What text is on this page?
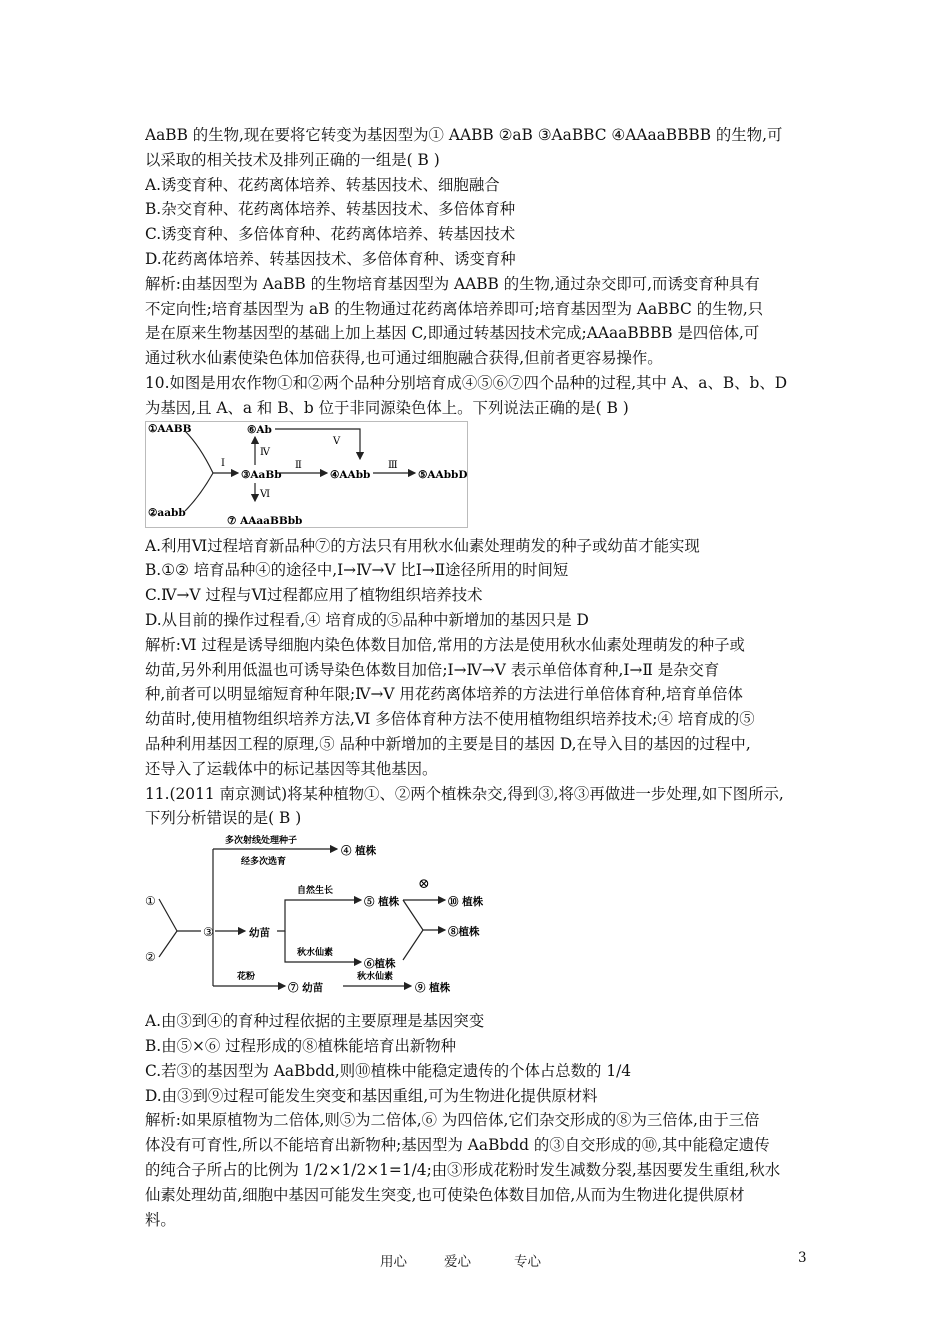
AaBB 的生物,现在要将它转变为基因型为① AABB ②aB ③AaBBC ④AAaaBBBB 的生物,可
以采取的相关技术及排列正确的一组是( B )
A.诱变育种、花药离体培养、转基因技术、细胞融合
B.杂交育种、花药离体培养、转基因技术、多倍体育种
C.诱变育种、多倍体育种、花药离体培养、转基因技术
D.花药离体培养、转基因技术、多倍体育种、诱变育种
解析:由基因型为 AaBB 的生物培育基因型为 AABB 的生物,通过杂交即可,而诱变育种具有
不定向性;培育基因型为 aB 的生物通过花药离体培养即可;培育基因型为 AaBBC 的生物,只
是在原来生物基因型的基础上加上基因 C,即通过转基因技术完成;AAaaBBBB 是四倍体,可
通过秋水仙素使染色体加倍获得,也可通过细胞融合获得,但前者更容易操作。
10.如图是用农作物①和②两个品种分别培育成④⑤⑥⑦四个品种的过程,其中 A、a、B、b、D
为基因,且 A、a 和 B、b 位于非同源染色体上。下列说法正确的是( B )
①AABB
②aabb
Ⅰ
③AaBb
⑥Ab
Ⅳ
Ⅵ
⑦ AAaaBBbb
Ⅱ
Ⅴ
④AAbb
Ⅲ
⑤AAbbD
A.利用Ⅵ过程培育新品种⑦的方法只有用秋水仙素处理萌发的种子或幼苗才能实现
B.①② 培育品种④的途径中,Ⅰ→Ⅳ→Ⅴ 比Ⅰ→Ⅱ途径所用的时间短
C.Ⅳ→Ⅴ 过程与Ⅵ过程都应用了植物组织培养技术
D.从目前的操作过程看,④ 培育成的⑤品种中新增加的基因只是 D
解析:Ⅵ 过程是诱导细胞内染色体数目加倍,常用的方法是使用秋水仙素处理萌发的种子或
幼苗,另外利用低温也可诱导染色体数目加倍;Ⅰ→Ⅳ→Ⅴ 表示单倍体育种,Ⅰ→Ⅱ 是杂交育
种,前者可以明显缩短育种年限;Ⅳ→Ⅴ 用花药离体培养的方法进行单倍体育种,培育单倍体
幼苗时,使用植物组织培养方法,Ⅵ 多倍体育种方法不使用植物组织培养技术;④ 培育成的⑤
品种利用基因工程的原理,⑤ 品种中新增加的主要是目的基因 D,在导入目的基因的过程中,
还导入了运载体中的标记基因等其他基因。
11.(2011 南京测试)将某种植物①、②两个植株杂交,得到③,将③再做进一步处理,如下图所示,
下列分析错误的是( B )
①
②
③
多次射线处理种子
经多次选育
④ 植株
幼苗
自然生长
秋水仙素
⑤ 植株
⑥植株
⊗
⑩ 植株
⑧植株
花粉
⑦ 幼苗
秋水仙素
⑨ 植株
A.由③到④的育种过程依据的主要原理是基因突变
B.由⑤×⑥ 过程形成的⑧植株能培育出新物种
C.若③的基因型为 AaBbdd,则⑩植株中能稳定遗传的个体占总数的 1/4
D.由③到⑨过程可能发生突变和基因重组,可为生物进化提供原材料
解析:如果原植物为二倍体,则⑤为二倍体,⑥ 为四倍体,它们杂交形成的⑧为三倍体,由于三倍
体没有可育性,所以不能培育出新物种;基因型为 AaBbdd 的③自交形成的⑩,其中能稳定遗传
的纯合子所占的比例为 1/2×1/2×1=1/4;由③形成花粉时发生减数分裂,基因要发生重组,秋水
仙素处理幼苗,细胞中基因可能发生突变,也可使染色体数目加倍,从而为生物进化提供原材
料。
用心	爱心	专心	3
